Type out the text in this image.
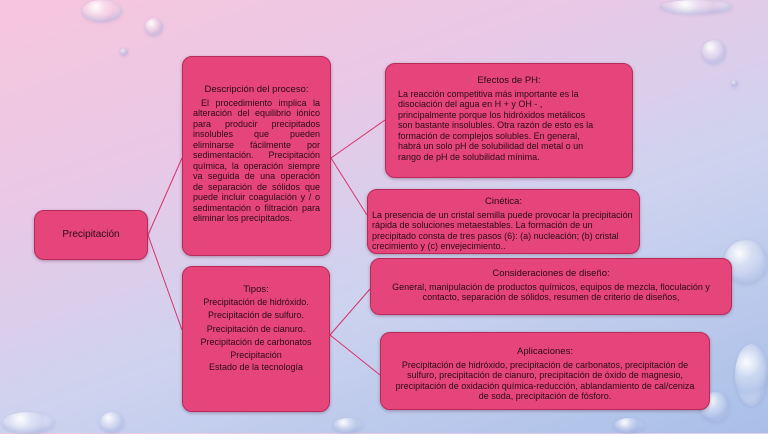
Precipitación
Descripción del proceso:
El procedimiento implica la alteración del equilibrio iónico para producir precipitados insolubles que pueden eliminarse fácilmente por sedimentación. Precipitación química, la operación siempre va seguida de una operación de separación de sólidos que puede incluir coagulación y / o sedimentación o filtración para eliminar los precipitados.
Efectos de PH:
La reacción competitiva más importante es la disociación del agua en H + y OH - , principalmente porque los hidróxidos metálicos son bastante insolubles. Otra razón de esto es la formación de complejos solubles. En general, habrá un solo pH de solubilidad del metal o un rango de pH de solubilidad mínima.
Cinética:
La presencia de un cristal semilla puede provocar la precipitación rápida de soluciones metaestables. La formación de un precipitado consta de tres pasos (6): (a) nucleación; (b) cristal crecimiento y (c) envejecimiento..
Tipos:
Precipitación de hidróxido.
Precipitación de sulfuro.
Precipitación de cianuro.
Precipitación de carbonatos
Precipitación
Estado de la tecnología
Consideraciones de diseño:
General, manipulación de productos químicos, equipos de mezcla, floculación y contacto, separación de sólidos, resumen de criterio de diseños,
Aplicaciones:
Precipitación de hidróxido, precipitación de carbonatos, precipitación de sulfuro, precipitación de cianuro, precipitación de óxido de magnesio, precipitación de oxidación química-reducción, ablandamiento de cal/ceniza de soda, precipitación de fósforo.
